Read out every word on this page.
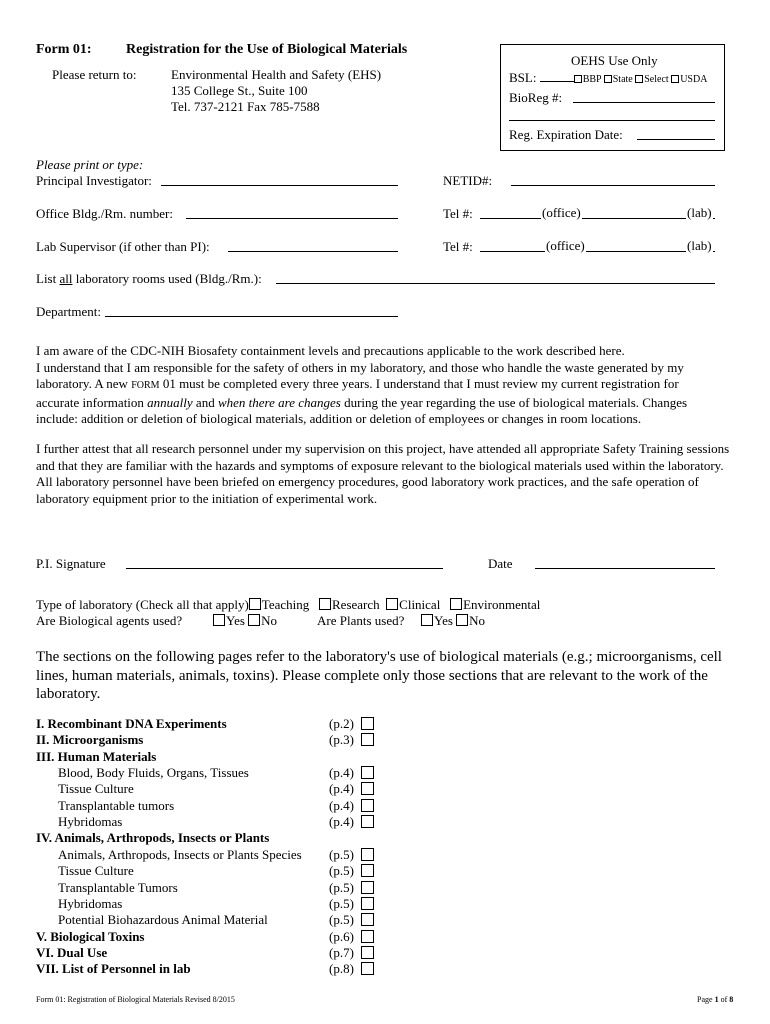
Form 01: Registration for the Use of Biological Materials
Please return to:	Environmental Health and Safety (EHS)
135 College St., Suite 100
Tel. 737-2121 Fax 785-7588
OEHS Use Only
BSL:	BBP State Select USDA
BioReg #:
Reg. Expiration Date:
Please print or type:
Principal Investigator:	NETID#:
Office Bldg./Rm. number:	Tel #:	(office)	(lab)
Lab Supervisor (if other than PI):	Tel #:	(office)	(lab)
List all laboratory rooms used (Bldg./Rm.):
Department:

I am aware of the CDC-NIH Biosafety containment levels and precautions applicable to the work described here.

I understand that I am responsible for the safety of others in my laboratory, and those who handle the waste generated by my

laboratory. A new FORM 01 must be completed every three years. I understand that I must review my current registration for

accurate information annually and when there are changes during the year regarding the use of biological materials. Changes

include: addition or deletion of biological materials, addition or deletion of employees or changes in room locations.

I further attest that all research personnel under my supervision on this project, have attended all appropriate Safety Training sessions and that they are familiar with the hazards and symptoms of exposure relevant to the biological materials used within the laboratory. All laboratory personnel have been briefed on emergency procedures, good laboratory work practices, and the safe operation of laboratory equipment prior to the initiation of experimental work.
P.I. Signature	Date
Type of laboratory (Check all that apply) Teaching Research Clinical Environmental
Are Biological agents used?	Yes No	Are Plants used?	Yes No
The sections on the following pages refer to the laboratory's use of biological materials (e.g.; microorganisms, cell lines, human materials, animals, toxins). Please complete only those sections that are relevant to the work of the laboratory.
I. Recombinant DNA Experiments	(p.2)
II. Microorganisms	(p.3)
III. Human Materials
Blood, Body Fluids, Organs, Tissues	(p.4)
Tissue Culture	(p.4)
Transplantable tumors	(p.4)
Hybridomas	(p.4)
IV. Animals, Arthropods, Insects or Plants
Animals, Arthropods, Insects or Plants Species (p.5)
Tissue Culture	(p.5)
Transplantable Tumors	(p.5)
Hybridomas	(p.5)
Potential Biohazardous Animal Material	(p.5)
V. Biological Toxins	(p.6)
VI. Dual Use	(p.7)
VII. List of Personnel in lab	(p.8)
Form 01: Registration of Biological Materials Revised 8/2015	Page 1 of 8
